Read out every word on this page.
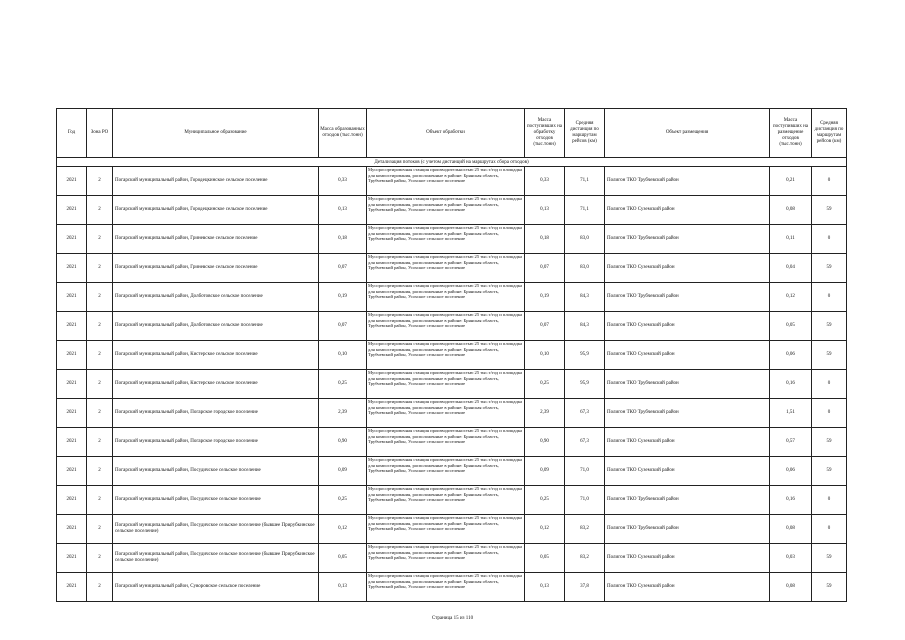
Детализация потоков (с учетом дистанций на маршрутах сбора отходов)									
Год	Зона РО	Муниципальное образование	Масса образованных отходов (тыс.тонн)	Объект обработки	Масса поступивших на обработку отходов (тыс.тонн)	Средняя дистанция по маршрутам рейсов (км)	Объект размещения	Масса поступивших на размещение отходов (тыс.тонн)	Средняя дистанция по маршрутам рейсов (км)
2021	2	Погарский муниципальный район, Городецкинское сельское поселение	0,33	Мусоросортировочная станция производительностью 25 тыс.т/год и площадка для компостирования, расположенные в районе: Брянская область, Трубчевский район, Усохское сельское поселение	0,33	71,1	Полигон ТКО Трубчевский район	0,21	0
2021	2	Погарский муниципальный район, Городецкинское сельское поселение	0,13	Мусоросортировочная станция производительностью 25 тыс.т/год и площадка для компостирования, расположенные в районе: Брянская область, Трубчевский район, Усохское сельское поселение	0,13	71,1	Полигон ТКО Суземский район	0,08	59
2021	2	Погарский муниципальный район, Гриневское сельское поселение	0,18	Мусоросортировочная станция производительностью 25 тыс.т/год и площадка для компостирования, расположенные в районе: Брянская область, Трубчевский район, Усохское сельское поселение	0,18	83,0	Полигон ТКО Трубчевский район	0,11	0
2021	2	Погарский муниципальный район, Гриневское сельское поселение	0,07	Мусоросортировочная станция производительностью 25 тыс.т/год и площадка для компостирования, расположенные в районе: Брянская область, Трубчевский район, Усохское сельское поселение	0,07	83,0	Полигон ТКО Суземский район	0,04	59
2021	2	Погарский муниципальный район, Долботовское сельское поселение	0,19	Мусоросортировочная станция производительностью 25 тыс.т/год и площадка для компостирования, расположенные в районе: Брянская область, Трубчевский район, Усохское сельское поселение	0,19	84,3	Полигон ТКО Трубчевский район	0,12	0
2021	2	Погарский муниципальный район, Долботовское сельское поселение	0,07	Мусоросортировочная станция производительностью 25 тыс.т/год и площадка для компостирования, расположенные в районе: Брянская область, Трубчевский район, Усохское сельское поселение	0,07	84,3	Полигон ТКО Суземский район	0,05	59
2021	2	Погарский муниципальный район, Кистерское сельское поселение	0,10	Мусоросортировочная станция производительностью 25 тыс.т/год и площадка для компостирования, расположенные в районе: Брянская область, Трубчевский район, Усохское сельское поселение	0,10	95,9	Полигон ТКО Суземский район	0,06	59
2021	2	Погарский муниципальный район, Кистерское сельское поселение	0,25	Мусоросортировочная станция производительностью 25 тыс.т/год и площадка для компостирования, расположенные в районе: Брянская область, Трубчевский район, Усохское сельское поселение	0,25	95,9	Полигон ТКО Трубчевский район	0,16	0
2021	2	Погарский муниципальный район, Погарское городское поселение	2,39	Мусоросортировочная станция производительностью 25 тыс.т/год и площадка для компостирования, расположенные в районе: Брянская область, Трубчевский район, Усохское сельское поселение	2,39	67,3	Полигон ТКО Трубчевский район	1,51	0
2021	2	Погарский муниципальный район, Погарское городское поселение	0,90	Мусоросортировочная станция производительностью 25 тыс.т/год и площадка для компостирования, расположенные в районе: Брянская область, Трубчевский район, Усохское сельское поселение	0,90	67,3	Полигон ТКО Суземский район	0,57	59
2021	2	Погарский муниципальный район, Посудичское сельское поселение	0,09	Мусоросортировочная станция производительностью 25 тыс.т/год и площадка для компостирования, расположенные в районе: Брянская область, Трубчевский район, Усохское сельское поселение	0,09	71,0	Полигон ТКО Суземский район	0,06	59
2021	2	Погарский муниципальный район, Посудичское сельское поселение	0,25	Мусоросортировочная станция производительностью 25 тыс.т/год и площадка для компостирования, расположенные в районе: Брянская область, Трубчевский район, Усохское сельское поселение	0,25	71,0	Полигон ТКО Трубчевский район	0,16	0
2021	2	Погарский муниципальный район, Посудичское сельское поселение (бывшее Прирубкинское сельское поселение)	0,12	Мусоросортировочная станция производительностью 25 тыс.т/год и площадка для компостирования, расположенные в районе: Брянская область, Трубчевский район, Усохское сельское поселение	0,12	83,2	Полигон ТКО Трубчевский район	0,08	0
2021	2	Погарский муниципальный район, Посудичское сельское поселение (бывшее Прирубкинское сельское поселение)	0,05	Мусоросортировочная станция производительностью 25 тыс.т/год и площадка для компостирования, расположенные в районе: Брянская область, Трубчевский район, Усохское сельское поселение	0,05	83,2	Полигон ТКО Суземский район	0,03	59
2021	2	Погарский муниципальный район, Суворовское сельское поселение	0,13	Мусоросортировочная станция производительностью 25 тыс.т/год и площадка для компостирования, расположенные в районе: Брянская область, Трубчевский район, Усохское сельское поселение	0,13	37,8	Полигон ТКО Суземский район	0,08	59
Страница 15 из 110
